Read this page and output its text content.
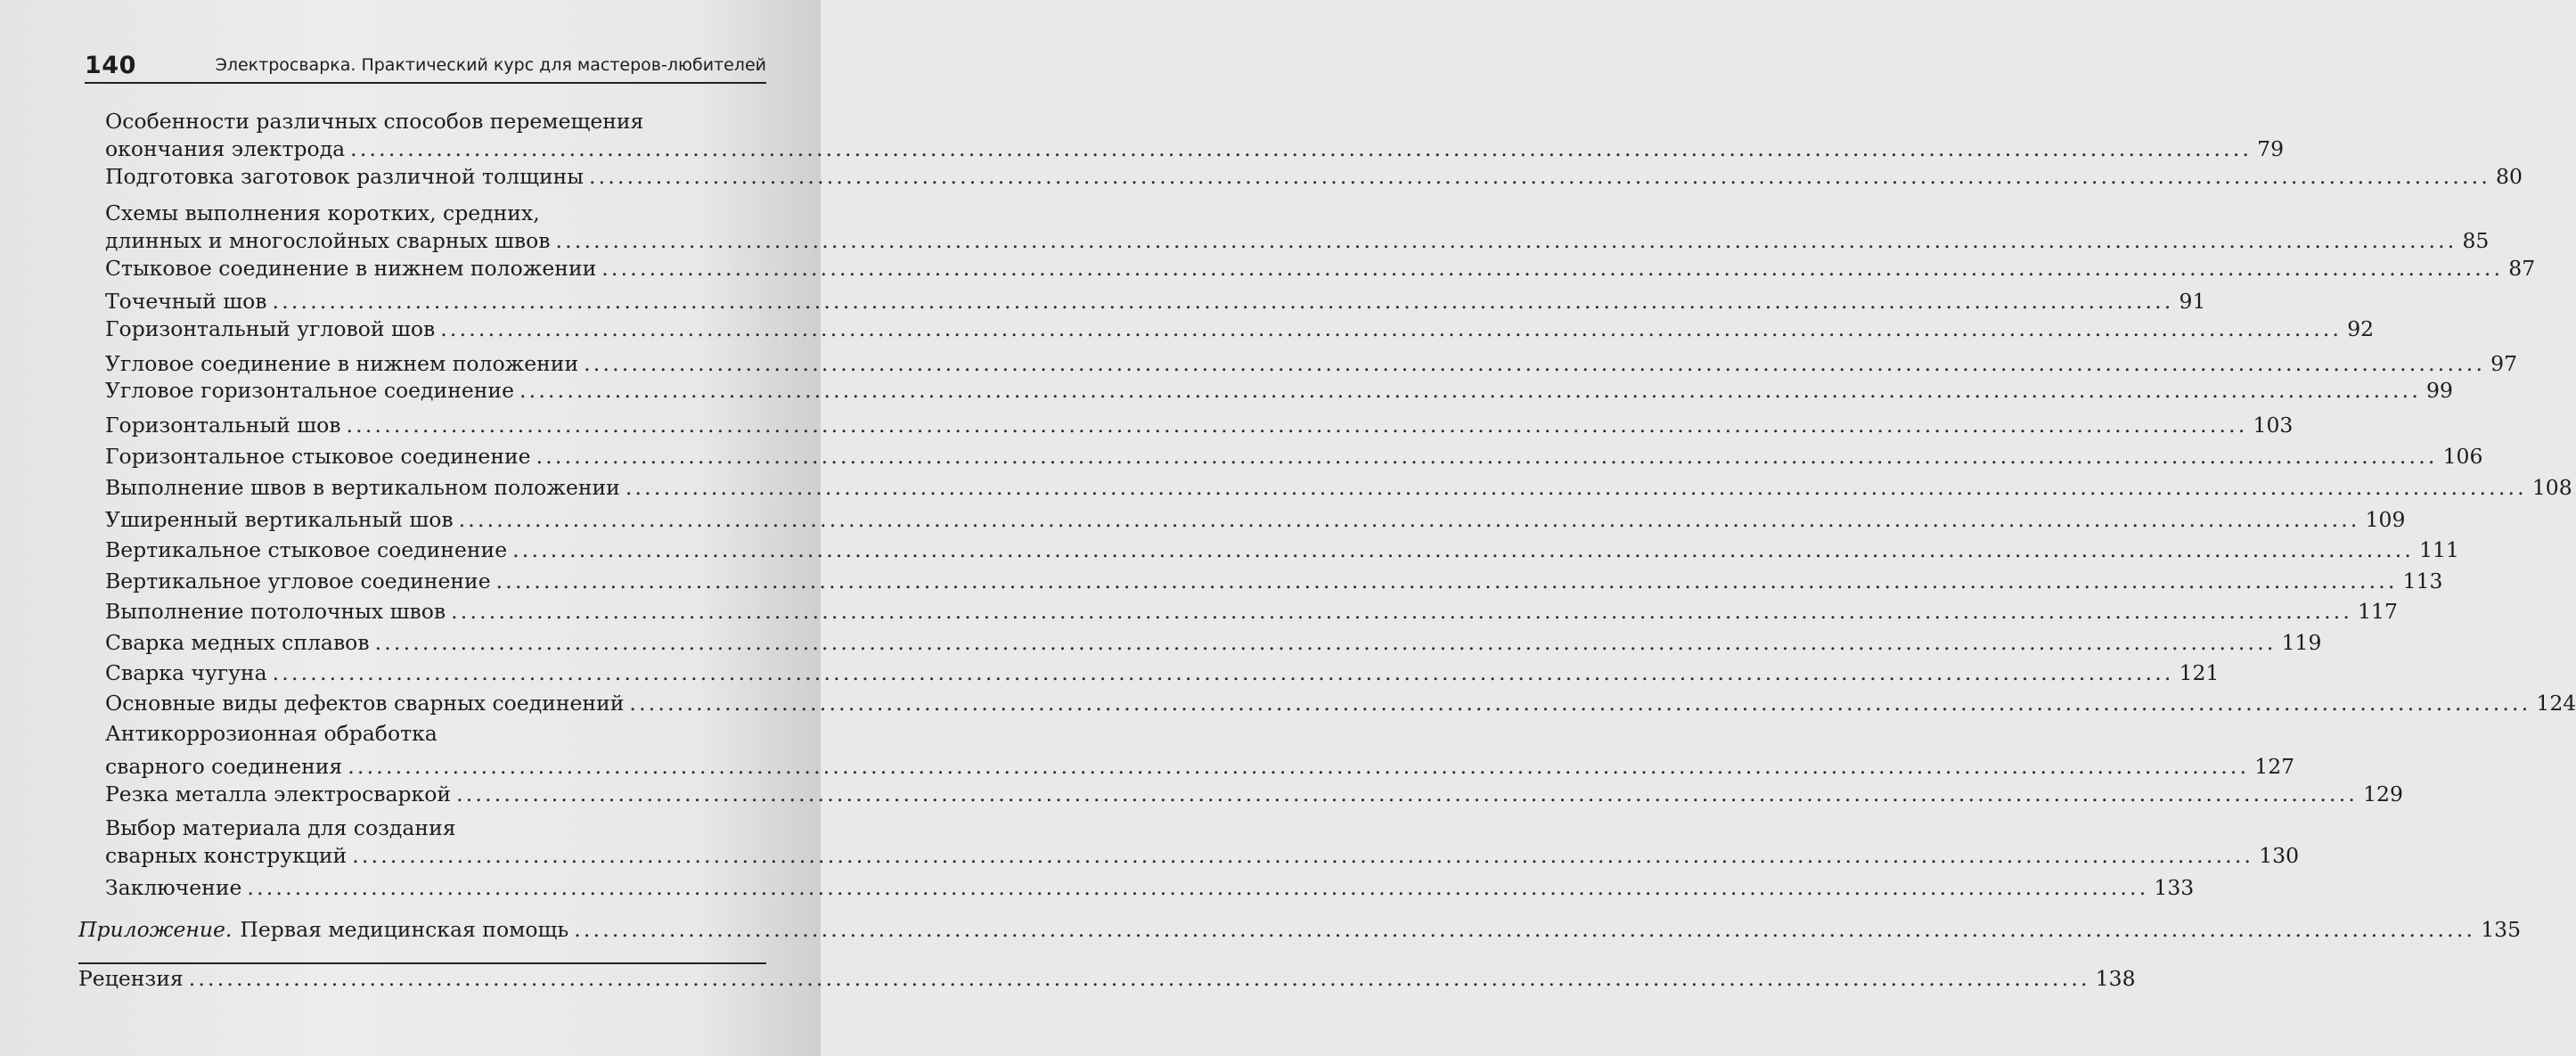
140	Электросварка. Практический курс для мастеров-любителей
Особенности различных способов перемещения
окончания электрода ........................................................................................................................................................................................................ 79
Подготовка заготовок различной толщины ........................................................................................................................................................................................................ 80
Схемы выполнения коротких, средних,
длинных и многослойных сварных швов ........................................................................................................................................................................................................ 85
Стыковое соединение в нижнем положении ........................................................................................................................................................................................................ 87
Точечный шов ........................................................................................................................................................................................................ 91
Горизонтальный угловой шов ........................................................................................................................................................................................................ 92
Угловое соединение в нижнем положении ........................................................................................................................................................................................................ 97
Угловое горизонтальное соединение ........................................................................................................................................................................................................ 99
Горизонтальный шов ........................................................................................................................................................................................................ 103
Горизонтальное стыковое соединение ........................................................................................................................................................................................................ 106
Выполнение швов в вертикальном положении ........................................................................................................................................................................................................ 108
Уширенный вертикальный шов ........................................................................................................................................................................................................ 109
Вертикальное стыковое соединение ........................................................................................................................................................................................................ 111
Вертикальное угловое соединение ........................................................................................................................................................................................................ 113
Выполнение потолочных швов ........................................................................................................................................................................................................ 117
Сварка медных сплавов ........................................................................................................................................................................................................ 119
Сварка чугуна ........................................................................................................................................................................................................ 121
Основные виды дефектов сварных соединений ........................................................................................................................................................................................................ 124
Антикоррозионная обработка
сварного соединения ........................................................................................................................................................................................................ 127
Резка металла электросваркой ........................................................................................................................................................................................................ 129
Выбор материала для создания
сварных конструкций ........................................................................................................................................................................................................ 130
Заключение ........................................................................................................................................................................................................ 133
Приложение. Первая медицинская помощь ........................................................................................................................................................................................................ 135
Рецензия ........................................................................................................................................................................................................ 138
